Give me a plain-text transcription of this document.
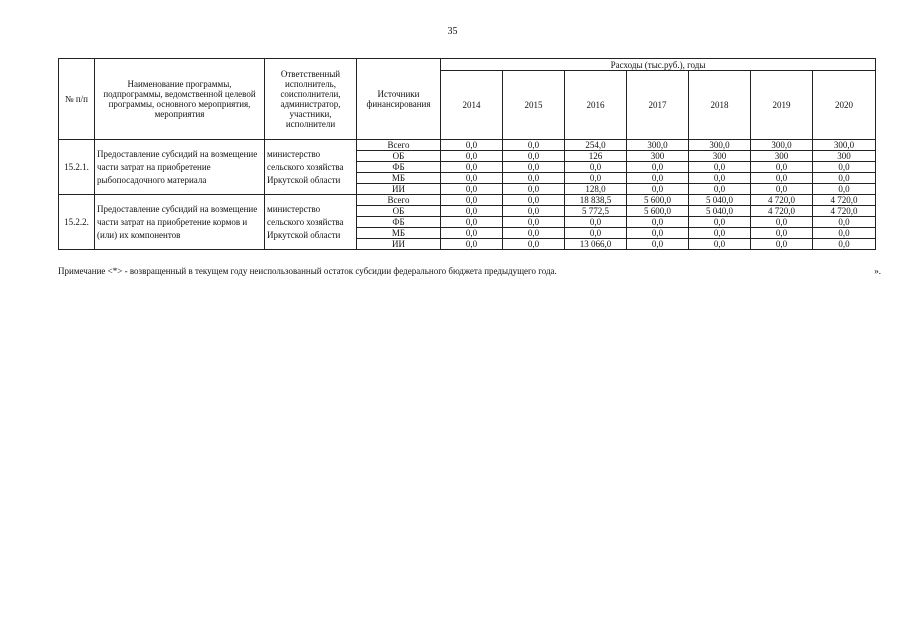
35
№ п/п	Наименование программы, подпрограммы, ведомственной целевой программы, основного мероприятия, мероприятия	Ответственный исполнитель, соисполнители, администратор, участники, исполнители	Источники финансирования	Расходы (тыс.руб.), годы						
				2014	2015	2016	2017	2018	2019	2020
15.2.1.	Предоставление субсидий на возмещение части затрат на приобретение рыбопосадочного материала	министерство сельского хозяйства Иркутской области	Всего	0,0	0,0	254,0	300,0	300,0	300,0	300,0
			ОБ	0,0	0,0	126	300	300	300	300
			ФБ	0,0	0,0	0,0	0,0	0,0	0,0	0,0
			МБ	0,0	0,0	0,0	0,0	0,0	0,0	0,0
			ИИ	0,0	0,0	128,0	0,0	0,0	0,0	0,0
15.2.2.	Предоставление субсидий на возмещение части затрат на приобретение кормов и (или) их компонентов	министерство сельского хозяйства Иркутской области	Всего	0,0	0,0	18 838,5	5 600,0	5 040,0	4 720,0	4 720,0
			ОБ	0,0	0,0	5 772,5	5 600,0	5 040,0	4 720,0	4 720,0
			ФБ	0,0	0,0	0,0	0,0	0,0	0,0	0,0
			МБ	0,0	0,0	0,0	0,0	0,0	0,0	0,0
			ИИ	0,0	0,0	13 066,0	0,0	0,0	0,0	0,0
Примечание <*> - возвращенный в текущем году неиспользованный остаток субсидии федерального бюджета предыдущего года.	».
